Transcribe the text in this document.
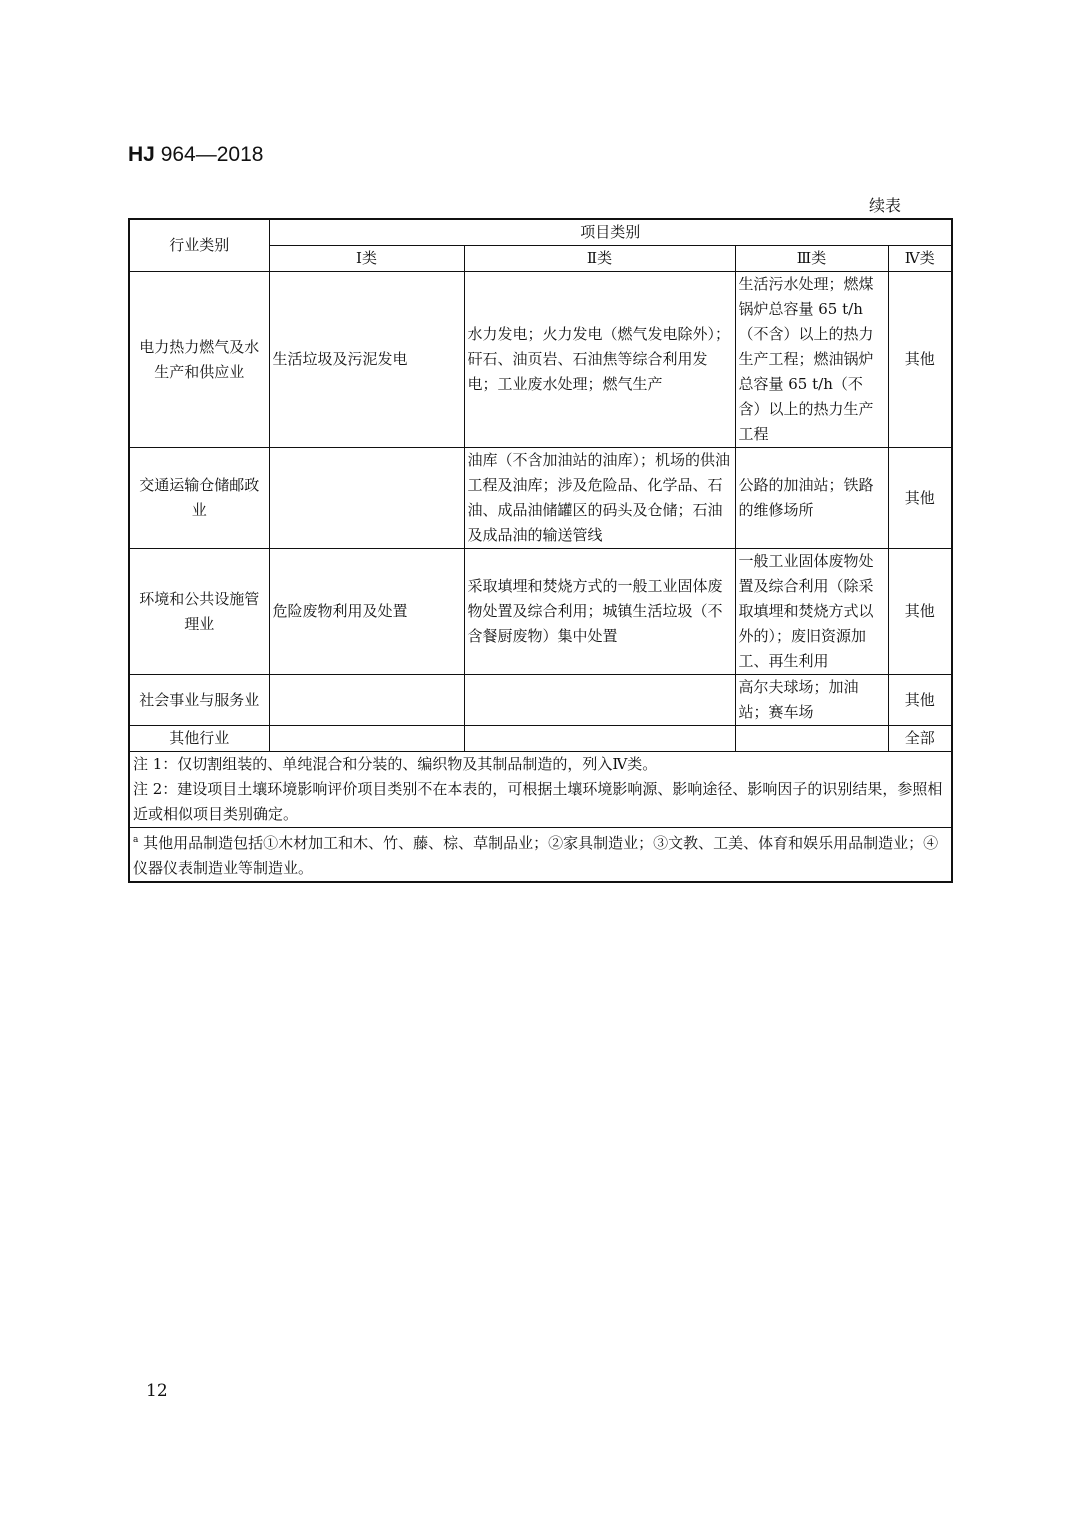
HJ 964—2018
续表
行业类别	项目类别			
	Ⅰ类	Ⅱ类	Ⅲ类	Ⅳ类
电力热力燃气及水生产和供应业	生活垃圾及污泥发电	水力发电；火力发电（燃气发电除外）；矸石、油页岩、石油焦等综合利用发电；工业废水处理；燃气生产	生活污水处理；燃煤锅炉总容量 65 t/h（不含）以上的热力生产工程；燃油锅炉总容量 65 t/h（不含）以上的热力生产工程	其他
交通运输仓储邮政业		油库（不含加油站的油库）；机场的供油工程及油库；涉及危险品、化学品、石油、成品油储罐区的码头及仓储；石油及成品油的输送管线	公路的加油站；铁路的维修场所	其他
环境和公共设施管理业	危险废物利用及处置	采取填埋和焚烧方式的一般工业固体废物处置及综合利用；城镇生活垃圾（不含餐厨废物）集中处置	一般工业固体废物处置及综合利用（除采取填埋和焚烧方式以外的）；废旧资源加工、再生利用	其他
社会事业与服务业			高尔夫球场；加油站；赛车场	其他
其他行业				全部

注 1：仅切割组装的、单纯混合和分装的、编织物及其制品制造的，列入Ⅳ类。
注 2：建设项目土壤环境影响评价项目类别不在本表的，可根据土壤环境影响源、影响途径、影响因子的识别结果，参照相近或相似项目类别确定。				

$^a$ 其他用品制造包括①木材加工和木、竹、藤、棕、草制品业；②家具制造业；③文教、工美、体育和娱乐用品制造业；④仪器仪表制造业等制造业。				
12
